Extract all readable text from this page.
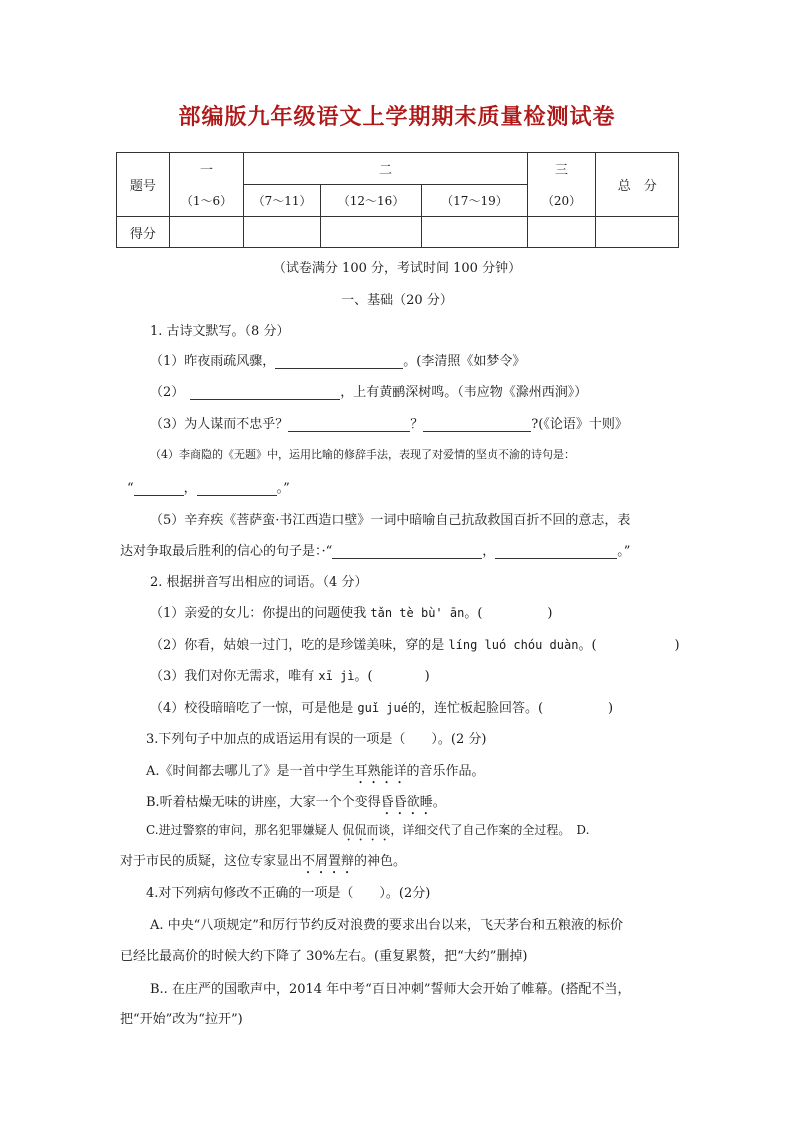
部编版九年级语文上学期期末质量检测试卷
题号	一	二			三	总　分
	（1～6）	（7～11）	（12～16）	（17～19）	（20）	
得分						
（试卷满分 100 分，考试时间 100 分钟）
一、基础（20 分）
1. 古诗文默写。（8 分）
（1）昨夜雨疏风骤，	。(李清照《如梦令》
（2）	，上有黄鹂深树鸣。（韦应物《滁州西涧》）
（3）为人谋而不忠乎？	？	?(《论语》十则》
（4）李商隐的《无题》中，运用比喻的修辞手法，表现了对爱情的坚贞不渝的诗句是：
“	，	。”
（5）辛弃疾《菩萨蛮·书江西造口壁》一词中暗喻自己抗敌救国百折不回的意志，表
达对争取最后胜利的信心的句子是：·“	，	。”
2. 根据拼音写出相应的词语。（4 分）
（1）亲爱的女儿：你提出的问题使我 tǎn tè bù' ān。(　　　　　)
（2）你看，姑娘一过门，吃的是珍馐美味，穿的是 líng luó chóu duàn。(　　　　　　)
（3）我们对你无需求，唯有 xī jì。(　　　　)
（4）校役暗暗吃了一惊，可是他是 guǐ jué的，连忙板起脸回答。(　　　　　)
3.下列句子中加点的成语运用有误的一项是（　　）。(2 分)
A.《时间都去哪儿了》是一首中学生耳熟能详的音乐作品。
B.听着枯燥无味的讲座，大家一个个变得昏昏欲睡。
C.进过警察的审问，那名犯罪嫌疑人 侃侃而谈，详细交代了自己作案的全过程。　D.
对于市民的质疑，这位专家显出不屑置辩的神色。
4.对下列病句修改不正确的一项是（　　）。(2分)
A. 中央“八项规定”和厉行节约反对浪费的要求出台以来，飞天茅台和五粮液的标价
已经比最高价的时候大约下降了 30%左右。(重复累赘，把“大约”删掉)
B.. 在庄严的国歌声中，2014 年中考“百日冲刺”誓师大会开始了帷幕。(搭配不当，
把“开始”改为“拉开”)
